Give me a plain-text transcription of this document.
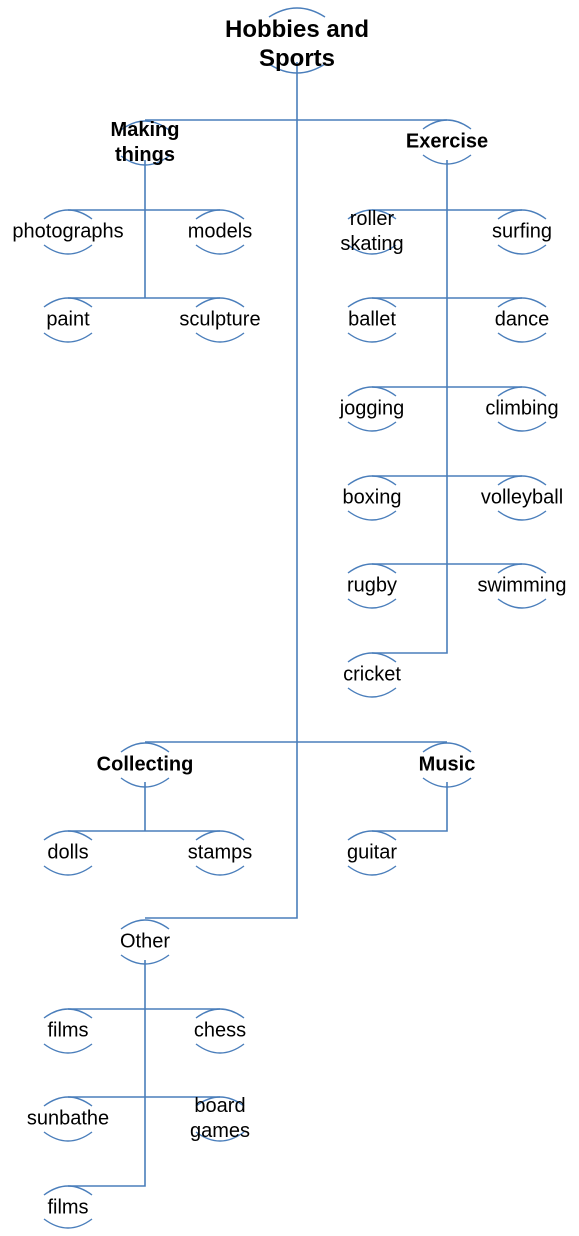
Hobbies and Sports
Making things
photographs	models
paint	sculpture
Exercise
roller skating
surfing
ballet	dance
jogging	climbing
boxing	volleyball
rugby	swimming
cricket
Collecting
dolls	stamps
Music
guitar
Other
films	chess
sunbathe
board games
films
